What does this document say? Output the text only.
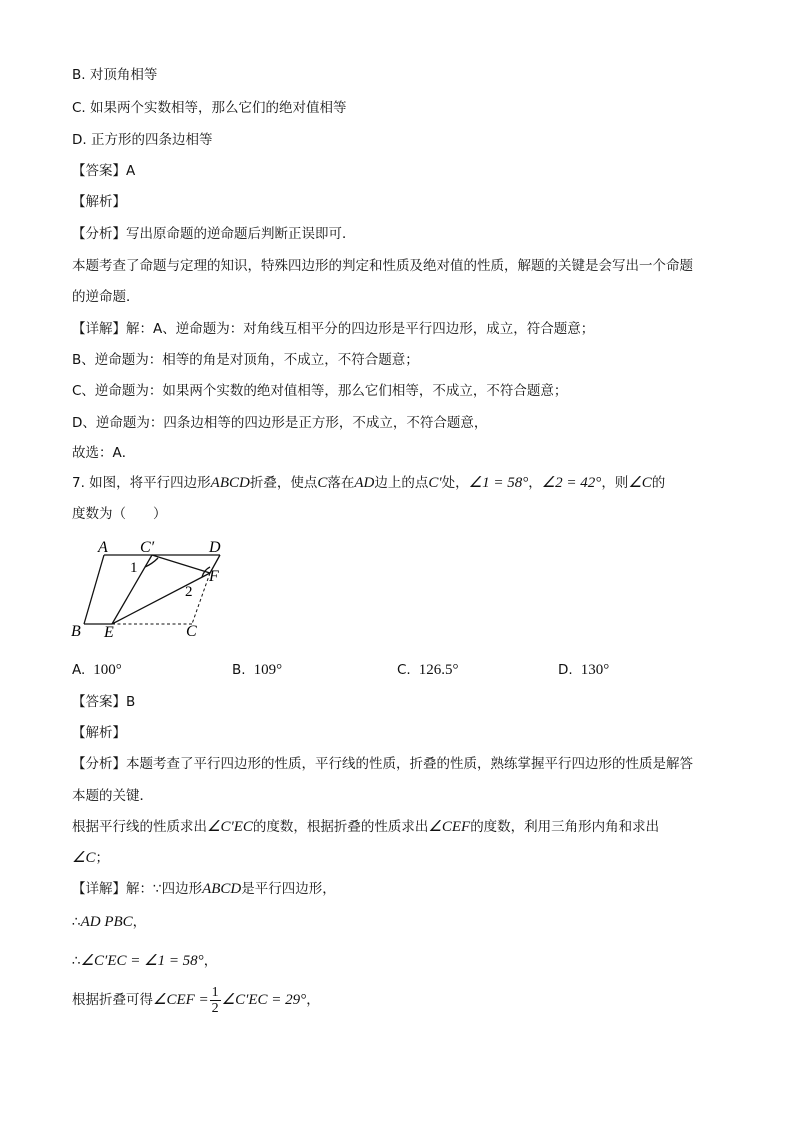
B. 对顶角相等
C. 如果两个实数相等，那么它们的绝对值相等
D. 正方形的四条边相等
【答案】A
【解析】
【分析】写出原命题的逆命题后判断正误即可．
本题考查了命题与定理的知识，特殊四边形的判定和性质及绝对值的性质，解题的关键是会写出一个命题
的逆命题．
【详解】解：A、逆命题为：对角线互相平分的四边形是平行四边形，成立，符合题意；
B、逆命题为：相等的角是对顶角，不成立，不符合题意；
C、逆命题为：如果两个实数的绝对值相等，那么它们相等，不成立，不符合题意；
D、逆命题为：四条边相等的四边形是正方形，不成立，不符合题意，
故选：A．
7. 如图，将平行四边形ABCD折叠，使点C落在AD边上的点C′处，∠1 = 58°，∠2 = 42°，则∠C的
度数为（　　）
A C′	D
F
B E	C
1
2
A. 100°	B. 109°	C. 126.5°	D. 130°
【答案】B
【解析】
【分析】本题考查了平行四边形的性质，平行线的性质，折叠的性质，熟练掌握平行四边形的性质是解答
本题的关键．
根据平行线的性质求出∠C′EC的度数，根据折叠的性质求出∠CEF的度数，利用三角形内角和求出
∠C；
【详解】解：∵四边形ABCD是平行四边形，
∴AD PBC，
∴∠C′EC = ∠1 = 58°，
根据折叠可得∠CEF = $\frac{1}{2}$ ∠C′EC = 29°，
